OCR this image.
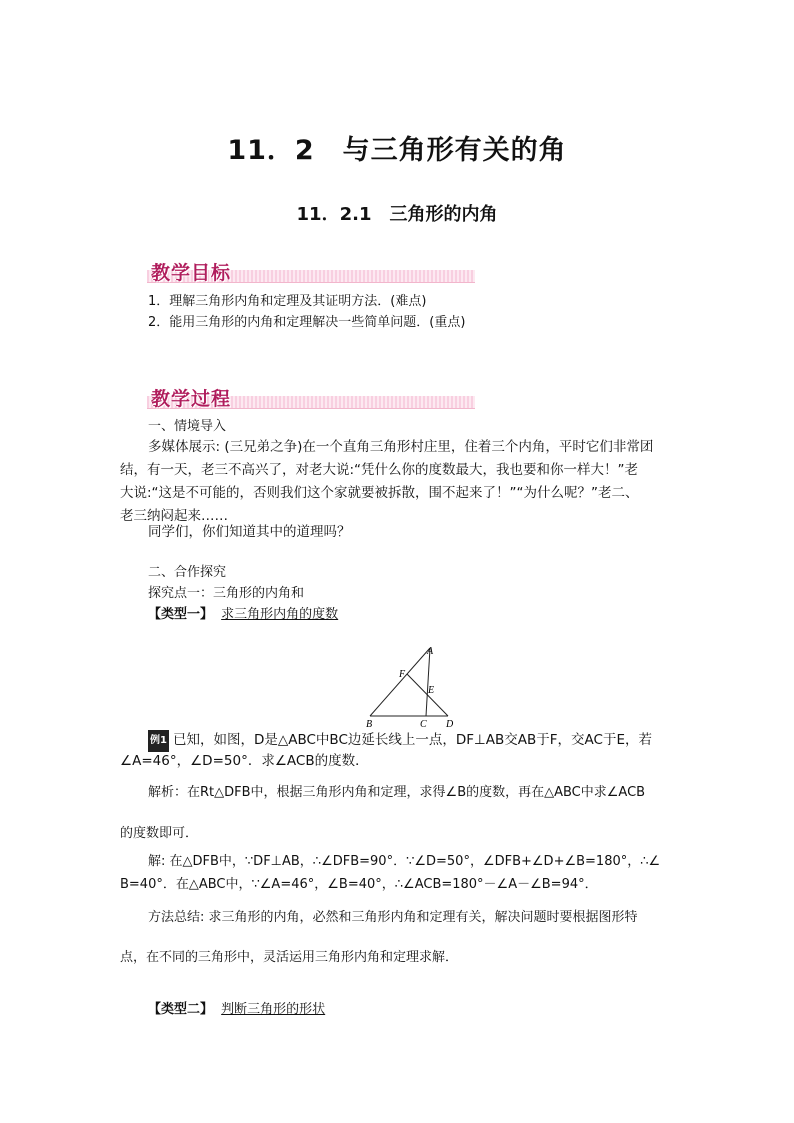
11．2　与三角形有关的角
11．2.1　三角形的内角
教学目标
1．理解三角形内角和定理及其证明方法．(难点)
2．能用三角形的内角和定理解决一些简单问题．(重点)
教学过程
一、情境导入
多媒体展示: (三兄弟之争)在一个直角三角形村庄里，住着三个内角，平时它们非常团
结，有一天，老三不高兴了，对老大说:“凭什么你的度数最大，我也要和你一样大！”老
大说:“这是不可能的，否则我们这个家就要被拆散，围不起来了！”“为什么呢？”老二、
老三纳闷起来……
同学们，你们知道其中的道理吗？
二、合作探究
探究点一：三角形的内角和
【类型一】 求三角形内角的度数
A
F
E
B	C D
例1 已知，如图，D是△ABC中BC边延长线上一点，DF⊥AB交AB于F，交AC于E，若
∠A=46°，∠D=50°．求∠ACB的度数．
解析：在Rt△DFB中，根据三角形内角和定理，求得∠B的度数，再在△ABC中求∠ACB
的度数即可．
解: 在△DFB中，∵DF⊥AB，∴∠DFB=90°．∵∠D=50°，∠DFB+∠D+∠B=180°，∴∠
B=40°．在△ABC中，∵∠A=46°，∠B=40°，∴∠ACB=180°－∠A－∠B=94°．
方法总结: 求三角形的内角，必然和三角形内角和定理有关，解决问题时要根据图形特
点，在不同的三角形中，灵活运用三角形内角和定理求解．
【类型二】 判断三角形的形状
